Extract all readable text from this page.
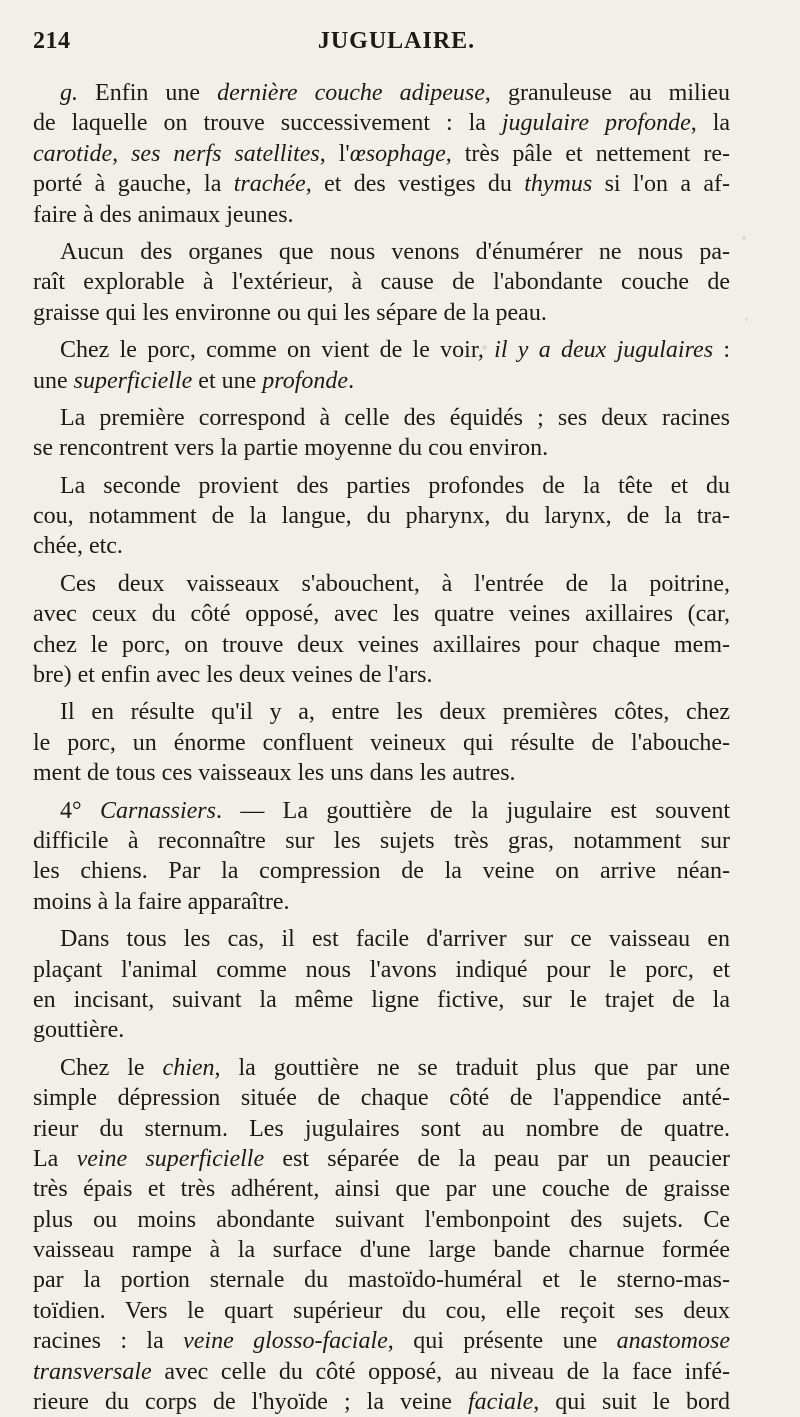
214	JUGULAIRE.
g. Enfin une dernière couche adipeuse, granuleuse au milieu
de laquelle on trouve successivement : la jugulaire profonde, la
carotide, ses nerfs satellites, l'œsophage, très pâle et nettement re-
porté à gauche, la trachée, et des vestiges du thymus si l'on a af-
faire à des animaux jeunes.
Aucun des organes que nous venons d'énumérer ne nous pa-
raît explorable à l'extérieur, à cause de l'abondante couche de
graisse qui les environne ou qui les sépare de la peau.
Chez le porc, comme on vient de le voir, il y a deux jugulaires :
une superficielle et une profonde.
La première correspond à celle des équidés ; ses deux racines
se rencontrent vers la partie moyenne du cou environ.
La seconde provient des parties profondes de la tête et du
cou, notamment de la langue, du pharynx, du larynx, de la tra-
chée, etc.
Ces deux vaisseaux s'abouchent, à l'entrée de la poitrine,
avec ceux du côté opposé, avec les quatre veines axillaires (car,
chez le porc, on trouve deux veines axillaires pour chaque mem-
bre) et enfin avec les deux veines de l'ars.
Il en résulte qu'il y a, entre les deux premières côtes, chez
le porc, un énorme confluent veineux qui résulte de l'abouche-
ment de tous ces vaisseaux les uns dans les autres.
4° Carnassiers. — La gouttière de la jugulaire est souvent
difficile à reconnaître sur les sujets très gras, notamment sur
les chiens. Par la compression de la veine on arrive néan-
moins à la faire apparaître.
Dans tous les cas, il est facile d'arriver sur ce vaisseau en
plaçant l'animal comme nous l'avons indiqué pour le porc, et
en incisant, suivant la même ligne fictive, sur le trajet de la
gouttière.
Chez le chien, la gouttière ne se traduit plus que par une
simple dépression située de chaque côté de l'appendice anté-
rieur du sternum. Les jugulaires sont au nombre de quatre.
La veine superficielle est séparée de la peau par un peaucier
très épais et très adhérent, ainsi que par une couche de graisse
plus ou moins abondante suivant l'embonpoint des sujets. Ce
vaisseau rampe à la surface d'une large bande charnue formée
par la portion sternale du mastoïdo-huméral et le sterno-mas-
toïdien. Vers le quart supérieur du cou, elle reçoit ses deux
racines : la veine glosso-faciale, qui présente une anastomose
transversale avec celle du côté opposé, au niveau de la face infé-
rieure du corps de l'hyoïde ; la veine faciale, qui suit le bord
